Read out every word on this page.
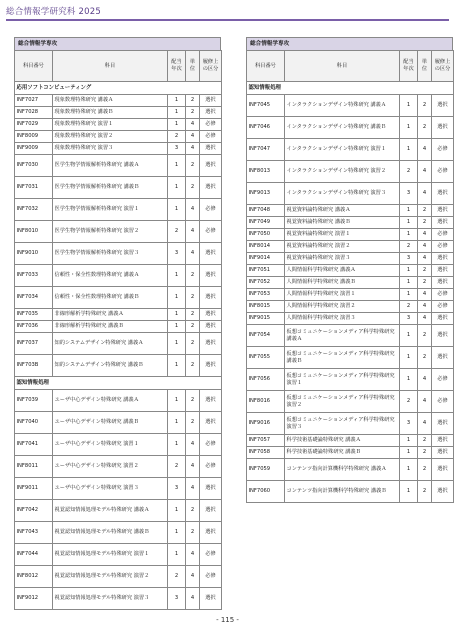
総合情報学研究科 2025
総合情報学専攻
科目番号	科目	配当年次	単位	履修上の区分
応用ソフトコンピューティング				
INF7027	現象数理特殊研究 講義Ａ	1	2	選択
INF7028	現象数理特殊研究 講義Ｂ	1	2	選択
INF7029	現象数理特殊研究 演習１	1	4	必修
INF8009	現象数理特殊研究 演習２	2	4	必修
INF9009	現象数理特殊研究 演習３	3	4	選択
INF7030	医学生物学情報解析特殊研究 講義Ａ	1	2	選択
INF7031	医学生物学情報解析特殊研究 講義Ｂ	1	2	選択
INF7032	医学生物学情報解析特殊研究 演習１	1	4	必修
INF8010	医学生物学情報解析特殊研究 演習２	2	4	必修
INF9010	医学生物学情報解析特殊研究 演習３	3	4	選択
INF7033	信頼性・保全性数理特殊研究 講義Ａ	1	2	選択
INF7034	信頼性・保全性数理特殊研究 講義Ｂ	1	2	選択
INF7035	非線形解析学特殊研究 講義Ａ	1	2	選択
INF7036	非線形解析学特殊研究 講義Ｂ	1	2	選択
INF7037	知的システムデザイン特殊研究 講義Ａ	1	2	選択
INF703B	知的システムデザイン特殊研究 講義Ｂ	1	2	選択
認知情報処理				
INF7039	ユーザ中心デザイン特殊研究 講義Ａ	1	2	選択
INF7040	ユーザ中心デザイン特殊研究 講義Ｂ	1	2	選択
INF7041	ユーザ中心デザイン特殊研究 演習１	1	4	必修
INF8011	ユーザ中心デザイン特殊研究 演習２	2	4	必修
INF9011	ユーザ中心デザイン特殊研究 演習３	3	4	選択
INF7042	視覚認知情報処理モデル特殊研究 講義Ａ	1	2	選択
INF7043	視覚認知情報処理モデル特殊研究 講義Ｂ	1	2	選択
INF7044	視覚認知情報処理モデル特殊研究 演習１	1	4	必修
INF8012	視覚認知情報処理モデル特殊研究 演習２	2	4	必修
INF9012	視覚認知情報処理モデル特殊研究 演習３	3	4	選択
総合情報学専攻
科目番号	科目	配当年次	単位	履修上の区分
認知情報処理				
INF7045	インタラクションデザイン特殊研究 講義Ａ	1	2	選択
INF7046	インタラクションデザイン特殊研究 講義Ｂ	1	2	選択
INF7047	インタラクションデザイン特殊研究 演習１	1	4	必修
INF8013	インタラクションデザイン特殊研究 演習２	2	4	必修
INF9013	インタラクションデザイン特殊研究 演習３	3	4	選択
INF7048	視覚資料論特殊研究 講義Ａ	1	2	選択
INF7049	視覚資料論特殊研究 講義Ｂ	1	2	選択
INF7050	視覚資料論特殊研究 演習１	1	4	必修
INF8014	視覚資料論特殊研究 演習２	2	4	必修
INF9014	視覚資料論特殊研究 演習３	3	4	選択
INF7051	人間情報科学特殊研究 講義Ａ	1	2	選択
INF7052	人間情報科学特殊研究 講義Ｂ	1	2	選択
INF7053	人間情報科学特殊研究 演習１	1	4	必修
INF8015	人間情報科学特殊研究 演習２	2	4	必修
INF9015	人間情報科学特殊研究 演習３	3	4	選択
INF7054	仮想コミュニケーションメディア科学特殊研究 講義Ａ	1	2	選択
INF7055	仮想コミュニケーションメディア科学特殊研究 講義Ｂ	1	2	選択
INF7056	仮想コミュニケーションメディア科学特殊研究 演習１	1	4	必修
INF8016	仮想コミュニケーションメディア科学特殊研究 演習２	2	4	必修
INF9016	仮想コミュニケーションメディア科学特殊研究 演習３	3	4	選択
INF7057	科学技術基礎論特殊研究 講義Ａ	1	2	選択
INF7058	科学技術基礎論特殊研究 講義Ｂ	1	2	選択
INF7059	コンテンツ指向計算機科学特殊研究 講義Ａ	1	2	選択
INF7060	コンテンツ指向計算機科学特殊研究 講義Ｂ	1	2	選択
- 115 -
